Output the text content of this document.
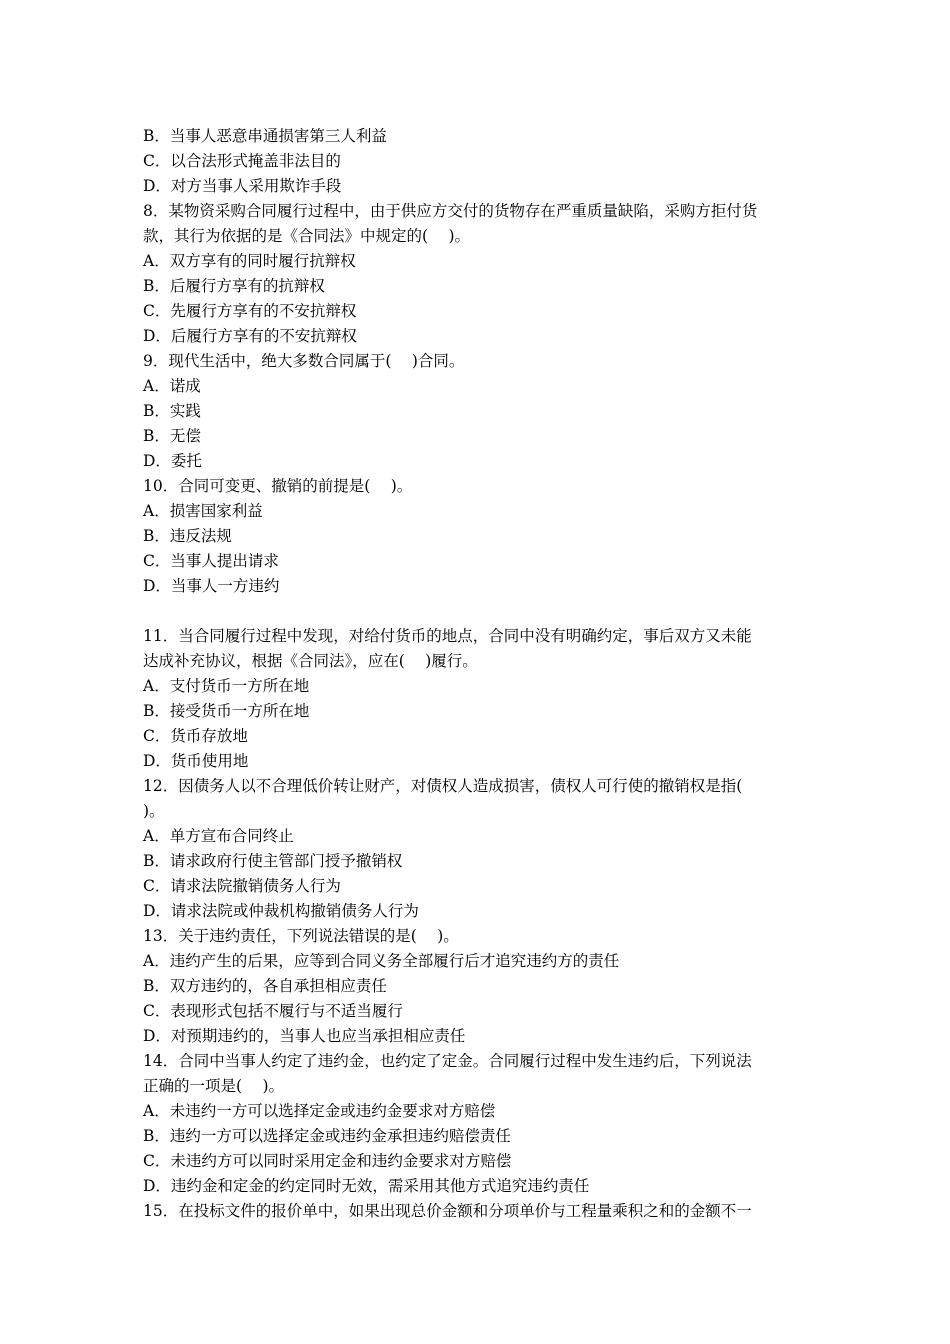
B．当事人恶意串通损害第三人利益
C．以合法形式掩盖非法目的
D．对方当事人采用欺诈手段
8．某物资采购合同履行过程中，由于供应方交付的货物存在严重质量缺陷，采购方拒付货
款，其行为依据的是《合同法》中规定的(　 )。
A．双方享有的同时履行抗辩权
B．后履行方享有的抗辩权
C．先履行方享有的不安抗辩权
D．后履行方享有的不安抗辩权
9．现代生活中，绝大多数合同属于(　 )合同。
A．诺成
B．实践
B．无偿
D．委托
10．合同可变更、撤销的前提是(　 )。
A．损害国家利益
B．违反法规
C．当事人提出请求
D．当事人一方违约
11．当合同履行过程中发现，对给付货币的地点，合同中没有明确约定，事后双方又未能
达成补充协议，根据《合同法》，应在(　 )履行。
A．支付货币一方所在地
B．接受货币一方所在地
C．货币存放地
D．货币使用地
12．因债务人以不合理低价转让财产，对债权人造成损害，债权人可行使的撤销权是指(
)。
A．单方宣布合同终止
B．请求政府行使主管部门授予撤销权
C．请求法院撤销债务人行为
D．请求法院或仲裁机构撤销债务人行为
13．关于违约责任，下列说法错误的是(　 )。
A．违约产生的后果，应等到合同义务全部履行后才追究违约方的责任
B．双方违约的，各自承担相应责任
C．表现形式包括不履行与不适当履行
D．对预期违约的，当事人也应当承担相应责任
14．合同中当事人约定了违约金，也约定了定金。合同履行过程中发生违约后，下列说法
正确的一项是(　 )。
A．未违约一方可以选择定金或违约金要求对方赔偿
B．违约一方可以选择定金或违约金承担违约赔偿责任
C．未违约方可以同时采用定金和违约金要求对方赔偿
D．违约金和定金的约定同时无效，需采用其他方式追究违约责任
15．在投标文件的报价单中，如果出现总价金额和分项单价与工程量乘积之和的金额不一
